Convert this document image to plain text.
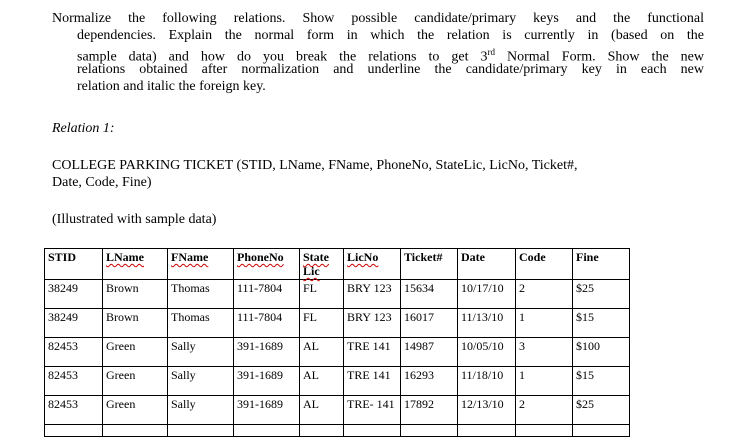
Normalize the following relations. Show possible candidate/primary keys and the functional
dependencies. Explain the normal form in which the relation is currently in (based on the
sample data) and how do you break the relations to get 3rd Normal Form. Show the new
relations obtained after normalization and underline the candidate/primary key in each new
relation and italic the foreign key.
Relation 1:
COLLEGE PARKING TICKET (STID, LName, FName, PhoneNo, StateLic, LicNo, Ticket#,
Date, Code, Fine)
(Illustrated with sample data)
STID	LName	FName	PhoneNo	State Lic	LicNo	Ticket#	Date	Code	Fine
38249	Brown	Thomas	111-7804	FL	BRY 123	15634	10/17/10	2	$25
38249	Brown	Thomas	111-7804	FL	BRY 123	16017	11/13/10	1	$15
82453	Green	Sally	391-1689	AL	TRE 141	14987	10/05/10	3	$100
82453	Green	Sally	391-1689	AL	TRE 141	16293	11/18/10	1	$15
82453	Green	Sally	391-1689	AL	TRE- 141	17892	12/13/10	2	$25
